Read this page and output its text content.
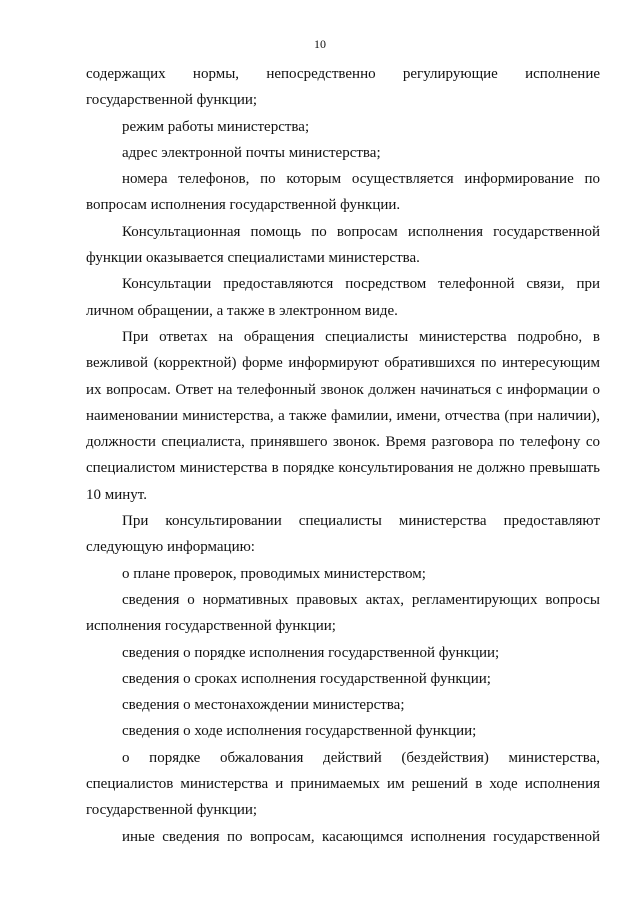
10

содержащих нормы, непосредственно регулирующие исполнение государственной функции;

режим работы министерства;

адрес электронной почты министерства;

номера телефонов, по которым осуществляется информирование по вопросам исполнения государственной функции.

Консультационная помощь по вопросам исполнения государственной функции оказывается специалистами министерства.

Консультации предоставляются посредством телефонной связи, при личном обращении, а также в электронном виде.

При ответах на обращения специалисты министерства подробно, в вежливой (корректной) форме информируют обратившихся по интересующим их вопросам. Ответ на телефонный звонок должен начинаться с информации о наименовании министерства, а также фамилии, имени, отчества (при наличии), должности специалиста, принявшего звонок. Время разговора по телефону со специалистом министерства в порядке консультирования не должно превышать 10 минут.

При консультировании специалисты министерства предоставляют следующую информацию:

о плане проверок, проводимых министерством;

сведения о нормативных правовых актах, регламентирующих вопросы исполнения государственной функции;

сведения о порядке исполнения государственной функции;

сведения о сроках исполнения государственной функции;

сведения о местонахождении министерства;

сведения о ходе исполнения государственной функции;

о порядке обжалования действий (бездействия) министерства, специалистов министерства и принимаемых им решений в ходе исполнения государственной функции;

иные сведения по вопросам, касающимся исполнения государственной
